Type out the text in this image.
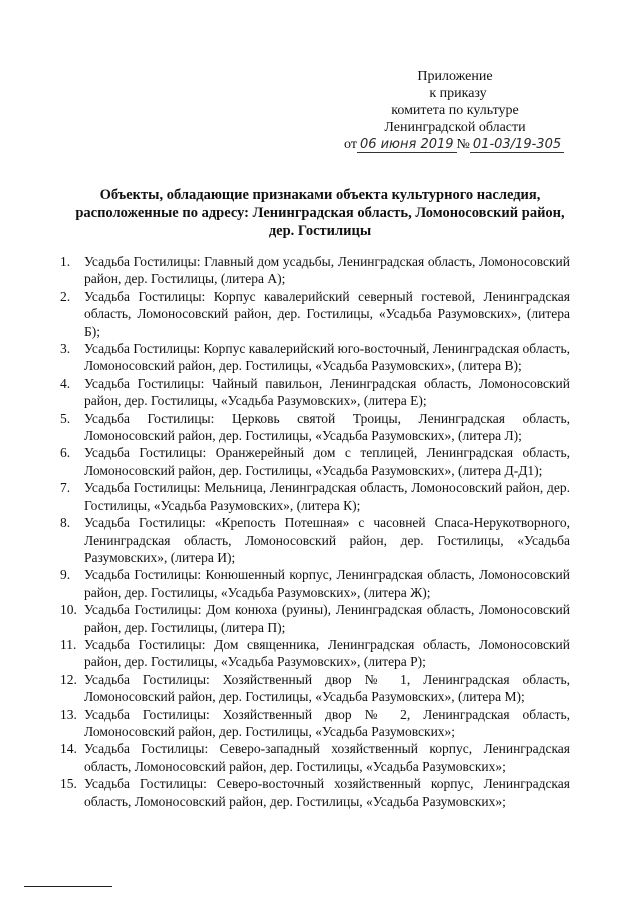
Приложение
к приказу
комитета по культуре
Ленинградской области
от 06 июня 2019 № 01-03/19-305
Объекты, обладающие признаками объекта культурного наследия,
расположенные по адресу: Ленинградская область, Ломоносовский район,
дер. Гостилицы
1. Усадьба Гостилицы: Главный дом усадьбы, Ленинградская область, Ломоносовский район, дер. Гостилицы, (литера А);
2. Усадьба Гостилицы: Корпус кавалерийский северный гостевой, Ленинградская область, Ломоносовский район, дер. Гостилицы, «Усадьба Разумовских», (литера Б);
3. Усадьба Гостилицы: Корпус кавалерийский юго-восточный, Ленинградская область, Ломоносовский район, дер. Гостилицы, «Усадьба Разумовских», (литера В);
4. Усадьба Гостилицы: Чайный павильон, Ленинградская область, Ломоносовский район, дер. Гостилицы, «Усадьба Разумовских», (литера Е);
5. Усадьба Гостилицы: Церковь святой Троицы, Ленинградская область, Ломоносовский район, дер. Гостилицы, «Усадьба Разумовских», (литера Л);
6. Усадьба Гостилицы: Оранжерейный дом с теплицей, Ленинградская область, Ломоносовский район, дер. Гостилицы, «Усадьба Разумовских», (литера Д-Д1);
7. Усадьба Гостилицы: Мельница, Ленинградская область, Ломоносовский район, дер. Гостилицы, «Усадьба Разумовских», (литера К);
8. Усадьба Гостилицы: «Крепость Потешная» с часовней Спаса-Нерукотворного, Ленинградская область, Ломоносовский район, дер. Гостилицы, «Усадьба Разумовских», (литера И);
9. Усадьба Гостилицы: Конюшенный корпус, Ленинградская область, Ломоносовский район, дер. Гостилицы, «Усадьба Разумовских», (литера Ж);
10. Усадьба Гостилицы: Дом конюха (руины), Ленинградская область, Ломоносовский район, дер. Гостилицы, (литера П);
11. Усадьба Гостилицы: Дом священника, Ленинградская область, Ломоносовский район, дер. Гостилицы, «Усадьба Разумовских», (литера Р);
12. Усадьба Гостилицы: Хозяйственный двор № 1, Ленинградская область, Ломоносовский район, дер. Гостилицы, «Усадьба Разумовских», (литера М);
13. Усадьба Гостилицы: Хозяйственный двор № 2, Ленинградская область, Ломоносовский район, дер. Гостилицы, «Усадьба Разумовских»;
14. Усадьба Гостилицы: Северо-западный хозяйственный корпус, Ленинградская область, Ломоносовский район, дер. Гостилицы, «Усадьба Разумовских»;
15. Усадьба Гостилицы: Северо-восточный хозяйственный корпус, Ленинградская область, Ломоносовский район, дер. Гостилицы, «Усадьба Разумовских»;
